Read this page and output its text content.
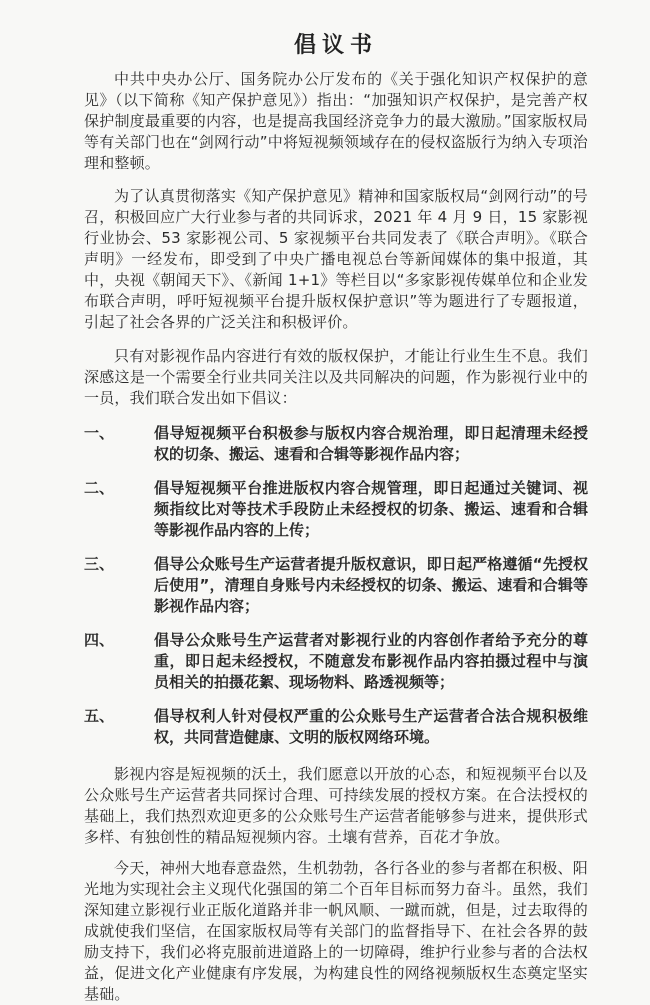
倡议书

中共中央办公厅、国务院办公厅发布的《关于强化知识产权保护的意见》（以下简称《知产保护意见》）指出：“加强知识产权保护，是完善产权保护制度最重要的内容，也是提高我国经济竞争力的最大激励。”国家版权局等有关部门也在“剑网行动”中将短视频领域存在的侵权盗版行为纳入专项治理和整顿。

为了认真贯彻落实《知产保护意见》精神和国家版权局“剑网行动”的号召，积极回应广大行业参与者的共同诉求，2021 年 4 月 9 日，15 家影视行业协会、53 家影视公司、5 家视频平台共同发表了《联合声明》。《联合声明》一经发布，即受到了中央广播电视总台等新闻媒体的集中报道，其中，央视《朝闻天下》、《新闻 1+1》等栏目以“多家影视传媒单位和企业发布联合声明，呼吁短视频平台提升版权保护意识”等为题进行了专题报道，引起了社会各界的广泛关注和积极评价。

只有对影视作品内容进行有效的版权保护，才能让行业生生不息。我们深感这是一个需要全行业共同关注以及共同解决的问题，作为影视行业中的一员，我们联合发出如下倡议：

一、	倡导短视频平台积极参与版权内容合规治理，即日起清理未经授权的切条、搬运、速看和合辑等影视作品内容；
二、	倡导短视频平台推进版权内容合规管理，即日起通过关键词、视频指纹比对等技术手段防止未经授权的切条、搬运、速看和合辑等影视作品内容的上传；
三、	倡导公众账号生产运营者提升版权意识，即日起严格遵循“先授权后使用”，清理自身账号内未经授权的切条、搬运、速看和合辑等影视作品内容；
四、	倡导公众账号生产运营者对影视行业的内容创作者给予充分的尊重，即日起未经授权，不随意发布影视作品内容拍摄过程中与演员相关的拍摄花絮、现场物料、路透视频等；
五、	倡导权利人针对侵权严重的公众账号生产运营者合法合规积极维权，共同营造健康、文明的版权网络环境。

影视内容是短视频的沃土，我们愿意以开放的心态，和短视频平台以及公众账号生产运营者共同探讨合理、可持续发展的授权方案。在合法授权的基础上，我们热烈欢迎更多的公众账号生产运营者能够参与进来，提供形式多样、有独创性的精品短视频内容。土壤有营养，百花才争放。

今天，神州大地春意盎然，生机勃勃，各行各业的参与者都在积极、阳光地为实现社会主义现代化强国的第二个百年目标而努力奋斗。虽然，我们深知建立影视行业正版化道路并非一帆风顺、一蹴而就，但是，过去取得的成就使我们坚信，在国家版权局等有关部门的监督指导下、在社会各界的鼓励支持下，我们必将克服前进道路上的一切障碍，维护行业参与者的合法权益，促进文化产业健康有序发展，为构建良性的网络视频版权生态奠定坚实基础。
